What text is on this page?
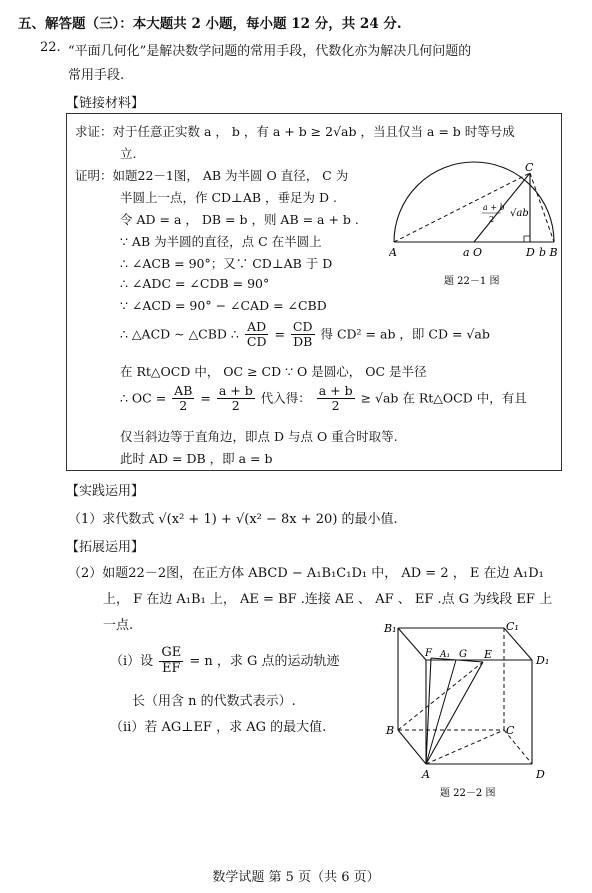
五、解答题（三）：本大题共 2 小题，每小题 12 分，共 24 分.
22. “平面几何化”是解决数学问题的常用手段，代数化亦为解决几何问题的
常用手段.
【链接材料】
求证：对于任意正实数 a ， b ，有 a + b ≥ 2√ab ，当且仅当 a = b 时等号成
立.
证明：如题22－1图， AB 为半圆 O 直径， C 为
半圆上一点，作 CD⊥AB ，垂足为 D .
令 AD = a ， DB = b ，则 AB = a + b .
∵ AB 为半圆的直径，点 C 在半圆上
∴ ∠ACB = 90°；又∵ CD⊥AB 于 D
∴ ∠ADC = ∠CDB = 90°
∵ ∠ACD = 90° − ∠CAD = ∠CBD
∴ △ACD ∼ △CBD ∴ $\frac{AD}{CD} = \frac{CD}{DB}$ 得 CD² = ab ，即 CD = √ab
在 Rt△OCD 中， OC ≥ CD ∵ O 是圆心， OC 是半径
∴ OC = $\frac{AB}{2} = \frac{a + b}{2}$ 代入得： $\frac{a + b}{2} \ge √ab$ 在 Rt△OCD 中，有且
仅当斜边等于直角边，即点 D 与点 O 重合时取等.
此时 AD = DB ，即 a = b
C
A	a O	D b B
a + b
2
√ab
题 22－1 图
【实践运用】
（1）求代数式 √(x² + 1) + √(x² − 8x + 20) 的最小值.
【拓展运用】
（2）如题22－2图，在正方体 ABCD − A₁B₁C₁D₁ 中， AD = 2 ， E 在边 A₁D₁
上， F 在边 A₁B₁ 上， AE = BF .连接 AE 、 AF 、 EF .点 G 为线段 EF 上
一点.
（i）设 $\frac{GE}{EF} = n$ ，求 G 点的运动轨迹
长（用含 n 的代数式表示）.
（ii）若 AG⊥EF ，求 AG 的最大值.
B₁	C₁
F A₁ G E	D₁
B	C
A	D
题 22－2 图
数学试题 第 5 页（共 6 页）
